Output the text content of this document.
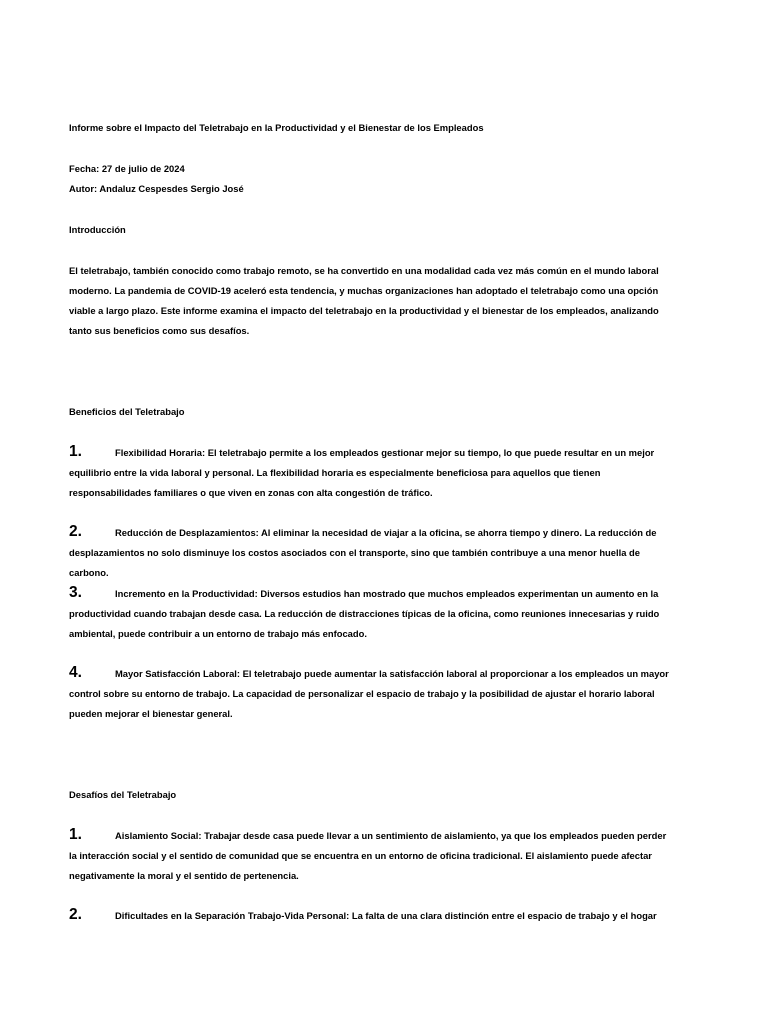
Informe sobre el Impacto del Teletrabajo en la Productividad y el Bienestar de los Empleados
Fecha: 27 de julio de 2024
Autor: Andaluz Cespesdes Sergio José
Introducción

El teletrabajo, también conocido como trabajo remoto, se ha convertido en una modalidad cada vez más común en el mundo laboral moderno. La pandemia de COVID-19 aceleró esta tendencia, y muchas organizaciones han adoptado el teletrabajo como una opción viable a largo plazo. Este informe examina el impacto del teletrabajo en la productividad y el bienestar de los empleados, analizando tanto sus beneficios como sus desafíos.

Beneficios del Teletrabajo
1.	Flexibilidad Horaria: El teletrabajo permite a los empleados gestionar mejor su tiempo, lo que puede resultar en un mejor equilibrio entre la vida laboral y personal. La flexibilidad horaria es especialmente beneficiosa para aquellos que tienen responsabilidades familiares o que viven en zonas con alta congestión de tráfico.
2.	Reducción de Desplazamientos: Al eliminar la necesidad de viajar a la oficina, se ahorra tiempo y dinero. La reducción de desplazamientos no solo disminuye los costos asociados con el transporte, sino que también contribuye a una menor huella de carbono.
3.	Incremento en la Productividad: Diversos estudios han mostrado que muchos empleados experimentan un aumento en la productividad cuando trabajan desde casa. La reducción de distracciones típicas de la oficina, como reuniones innecesarias y ruido ambiental, puede contribuir a un entorno de trabajo más enfocado.
4.	Mayor Satisfacción Laboral: El teletrabajo puede aumentar la satisfacción laboral al proporcionar a los empleados un mayor control sobre su entorno de trabajo. La capacidad de personalizar el espacio de trabajo y la posibilidad de ajustar el horario laboral pueden mejorar el bienestar general.
Desafíos del Teletrabajo
1.	Aislamiento Social: Trabajar desde casa puede llevar a un sentimiento de aislamiento, ya que los empleados pueden perder la interacción social y el sentido de comunidad que se encuentra en un entorno de oficina tradicional. El aislamiento puede afectar negativamente la moral y el sentido de pertenencia.
2.	Dificultades en la Separación Trabajo-Vida Personal: La falta de una clara distinción entre el espacio de trabajo y el hogar
